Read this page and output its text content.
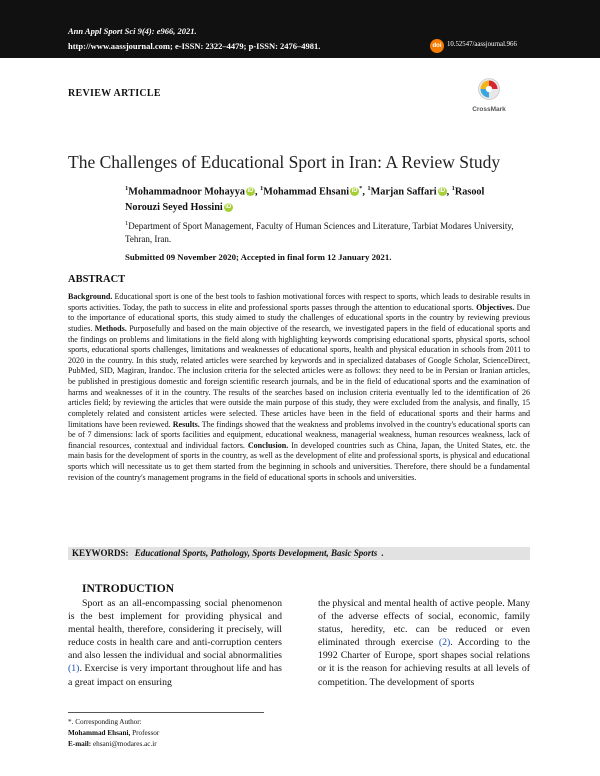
Ann Appl Sport Sci 9(4): e966, 2021.
http://www.aassjournal.com; e-ISSN: 2322–4479; p-ISSN: 2476–4981.	doi 10.52547/aassjournal.966
REVIEW ARTICLE
CrossMark
The Challenges of Educational Sport in Iran: A Review Study
$^1$Mohammadnoor Mohayya iD , $^1$Mohammad Ehsani iD *, $^1$Marjan Saffari iD , $^1$Rasool
Norouzi Seyed Hossini iD
$^1$Department of Sport Management, Faculty of Human Sciences and Literature, Tarbiat Modares University, Tehran, Iran.
Submitted 09 November 2020; Accepted in final form 12 January 2021.
ABSTRACT
Background. Educational sport is one of the best tools to fashion motivational forces with respect to sports, which leads to desirable results in sports activities. Today, the path to success in elite and professional sports passes through the attention to educational sports. Objectives. Due to the importance of educational sports, this study aimed to study the challenges of educational sports in the country by reviewing previous studies. Methods. Purposefully and based on the main objective of the research, we investigated papers in the field of educational sports and the findings on problems and limitations in the field along with highlighting keywords comprising educational sports, physical sports, school sports, educational sports challenges, limitations and weaknesses of educational sports, health and physical education in schools from 2011 to 2020 in the country. In this study, related articles were searched by keywords and in specialized databases of Google Scholar, ScienceDirect, PubMed, SID, Magiran, Irandoc. The inclusion criteria for the selected articles were as follows: they need to be in Persian or Iranian articles, be published in prestigious domestic and foreign scientific research journals, and be in the field of educational sports and the examination of harms and weaknesses of it in the country. The results of the searches based on inclusion criteria eventually led to the identification of 26 articles field; by reviewing the articles that were outside the main purpose of this study, they were excluded from the analysis, and finally, 15 completely related and consistent articles were selected. These articles have been in the field of educational sports and their harms and limitations have been reviewed. Results. The findings showed that the weakness and problems involved in the country's educational sports can be of 7 dimensions: lack of sports facilities and equipment, educational weakness, managerial weakness, human resources weakness, lack of financial resources, contextual and individual factors. Conclusion. In developed countries such as China, Japan, the United States, etc. the main basis for the development of sports in the country, as well as the development of elite and professional sports, is physical and educational sports which will necessitate us to get them started from the beginning in schools and universities. Therefore, there should be a fundamental revision of the country's management programs in the field of educational sports in schools and universities.
KEYWORDS: Educational Sports, Pathology, Sports Development, Basic Sports .
INTRODUCTION
Sport as an all-encompassing social phenomenon is the best implement for providing physical and mental health, therefore, considering it precisely, will reduce costs in health care and anti-corruption centers and also lessen the individual and social abnormalities (1). Exercise is very important throughout life and has a great impact on ensuring
the physical and mental health of active people. Many of the adverse effects of social, economic, family status, heredity, etc. can be reduced or even eliminated through exercise (2). According to the 1992 Charter of Europe, sport shapes social relations or it is the reason for achieving results at all levels of competition. The development of sports
*. Corresponding Author:
Mohammad Ehsani, Professor
E-mail: ehsani@modares.ac.ir
